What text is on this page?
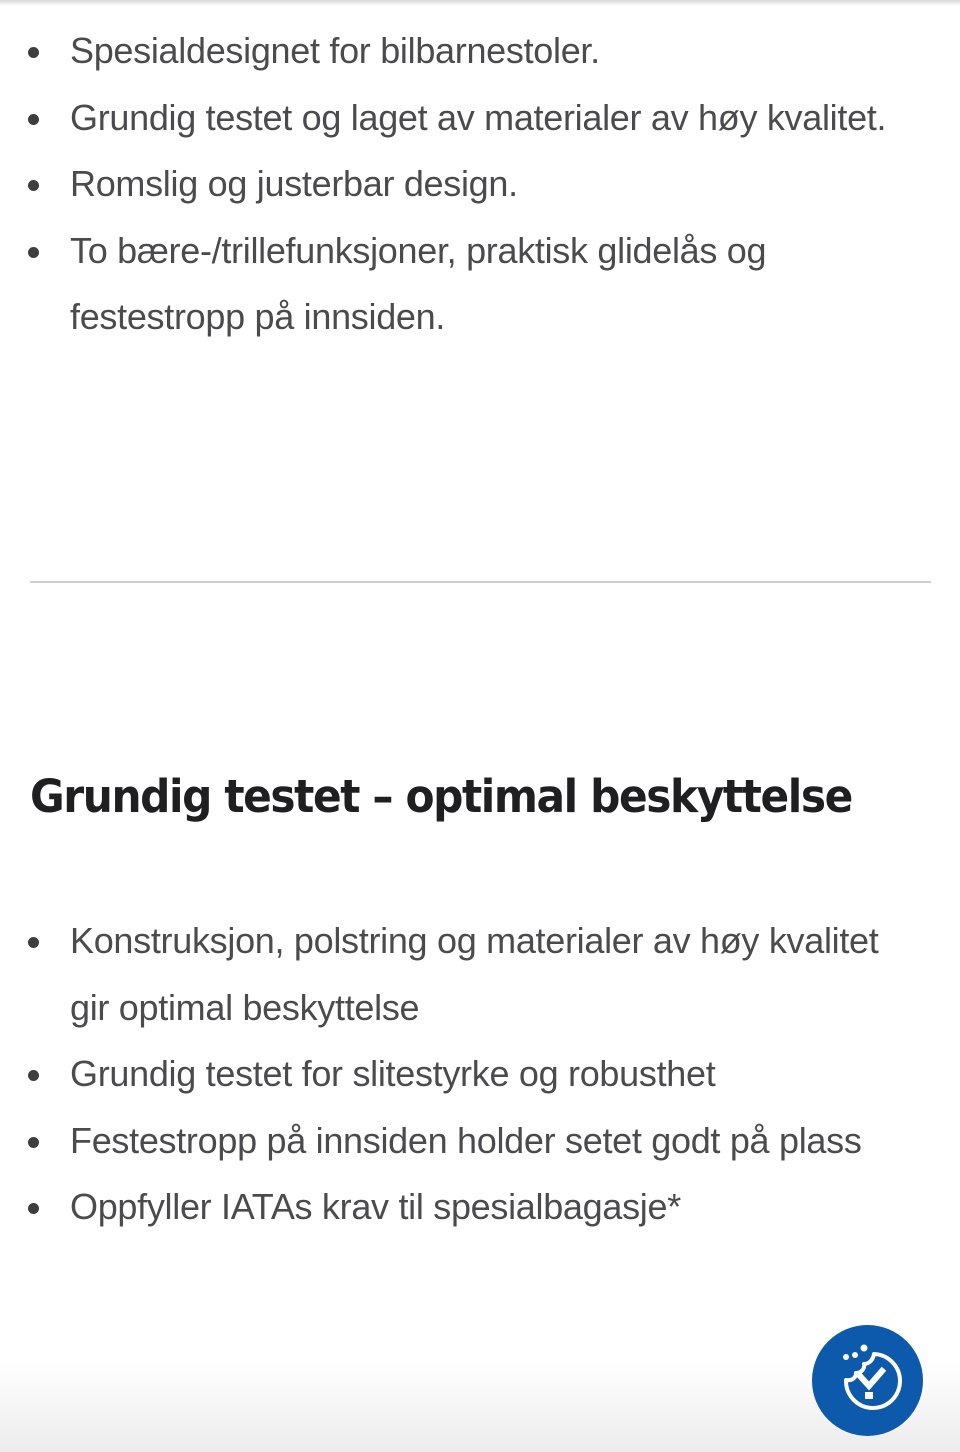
Spesialdesignet for bilbarnestoler.
Grundig testet og laget av materialer av høy kvalitet.
Romslig og justerbar design.
To bære-/trillefunksjoner, praktisk glidelås og festestropp på innsiden.
Grundig testet – optimal beskyttelse
Konstruksjon, polstring og materialer av høy kvalitet gir optimal beskyttelse
Grundig testet for slitestyrke og robusthet
Festestropp på innsiden holder setet godt på plass
Oppfyller IATAs krav til spesialbagasje*
